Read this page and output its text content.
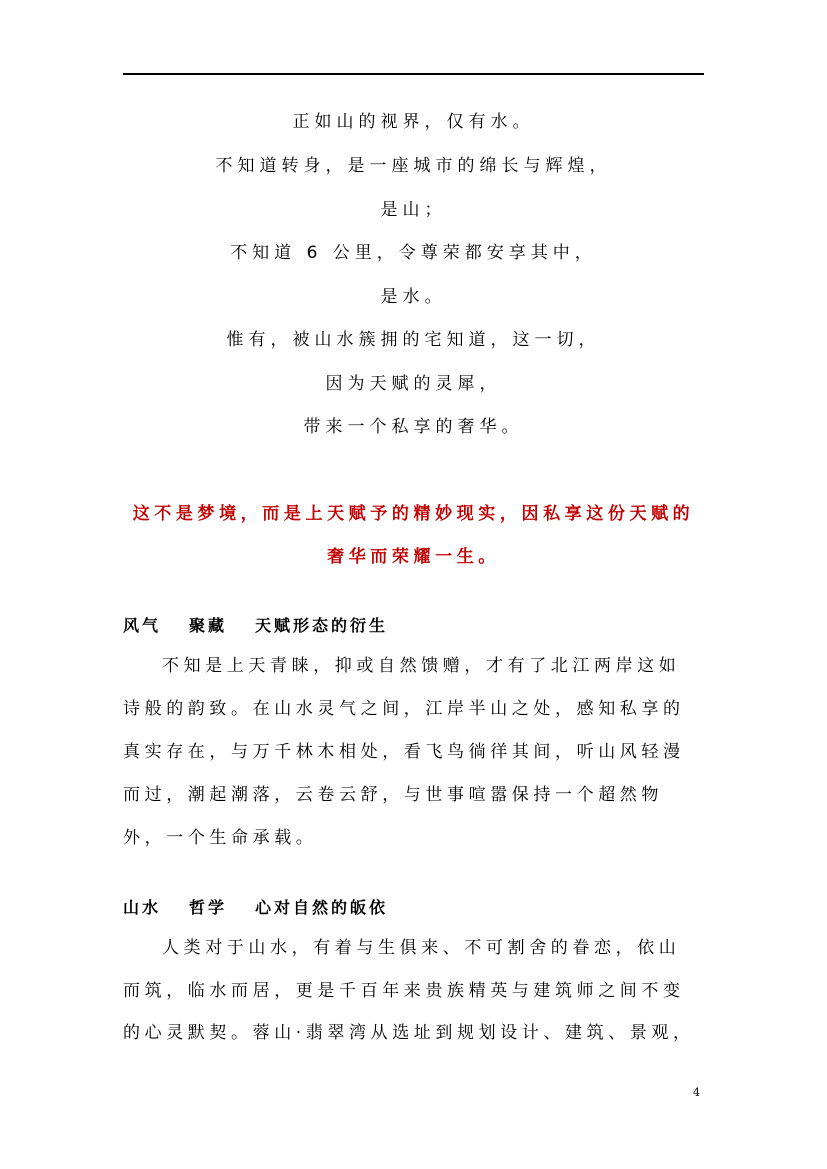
正如山的视界，仅有水。
不知道转身，是一座城市的绵长与辉煌，
是山；
不知道 6 公里，令尊荣都安享其中，
是水。
惟有，被山水簇拥的宅知道，这一切，
因为天赋的灵犀，
带来一个私享的奢华。
这不是梦境，而是上天赋予的精妙现实，因私享这份天赋的
奢华而荣耀一生。
风气 聚藏 天赋形态的衍生
不知是上天青睐，抑或自然馈赠，才有了北江两岸这如
诗般的韵致。在山水灵气之间，江岸半山之处，感知私享的
真实存在，与万千林木相处，看飞鸟徜徉其间，听山风轻漫
而过，潮起潮落，云卷云舒，与世事喧嚣保持一个超然物
外，一个生命承载。
山水 哲学 心对自然的皈依
人类对于山水，有着与生俱来、不可割舍的眷恋，依山
而筑，临水而居，更是千百年来贵族精英与建筑师之间不变
的心灵默契。蓉山·翡翠湾从选址到规划设计、建筑、景观，
4
